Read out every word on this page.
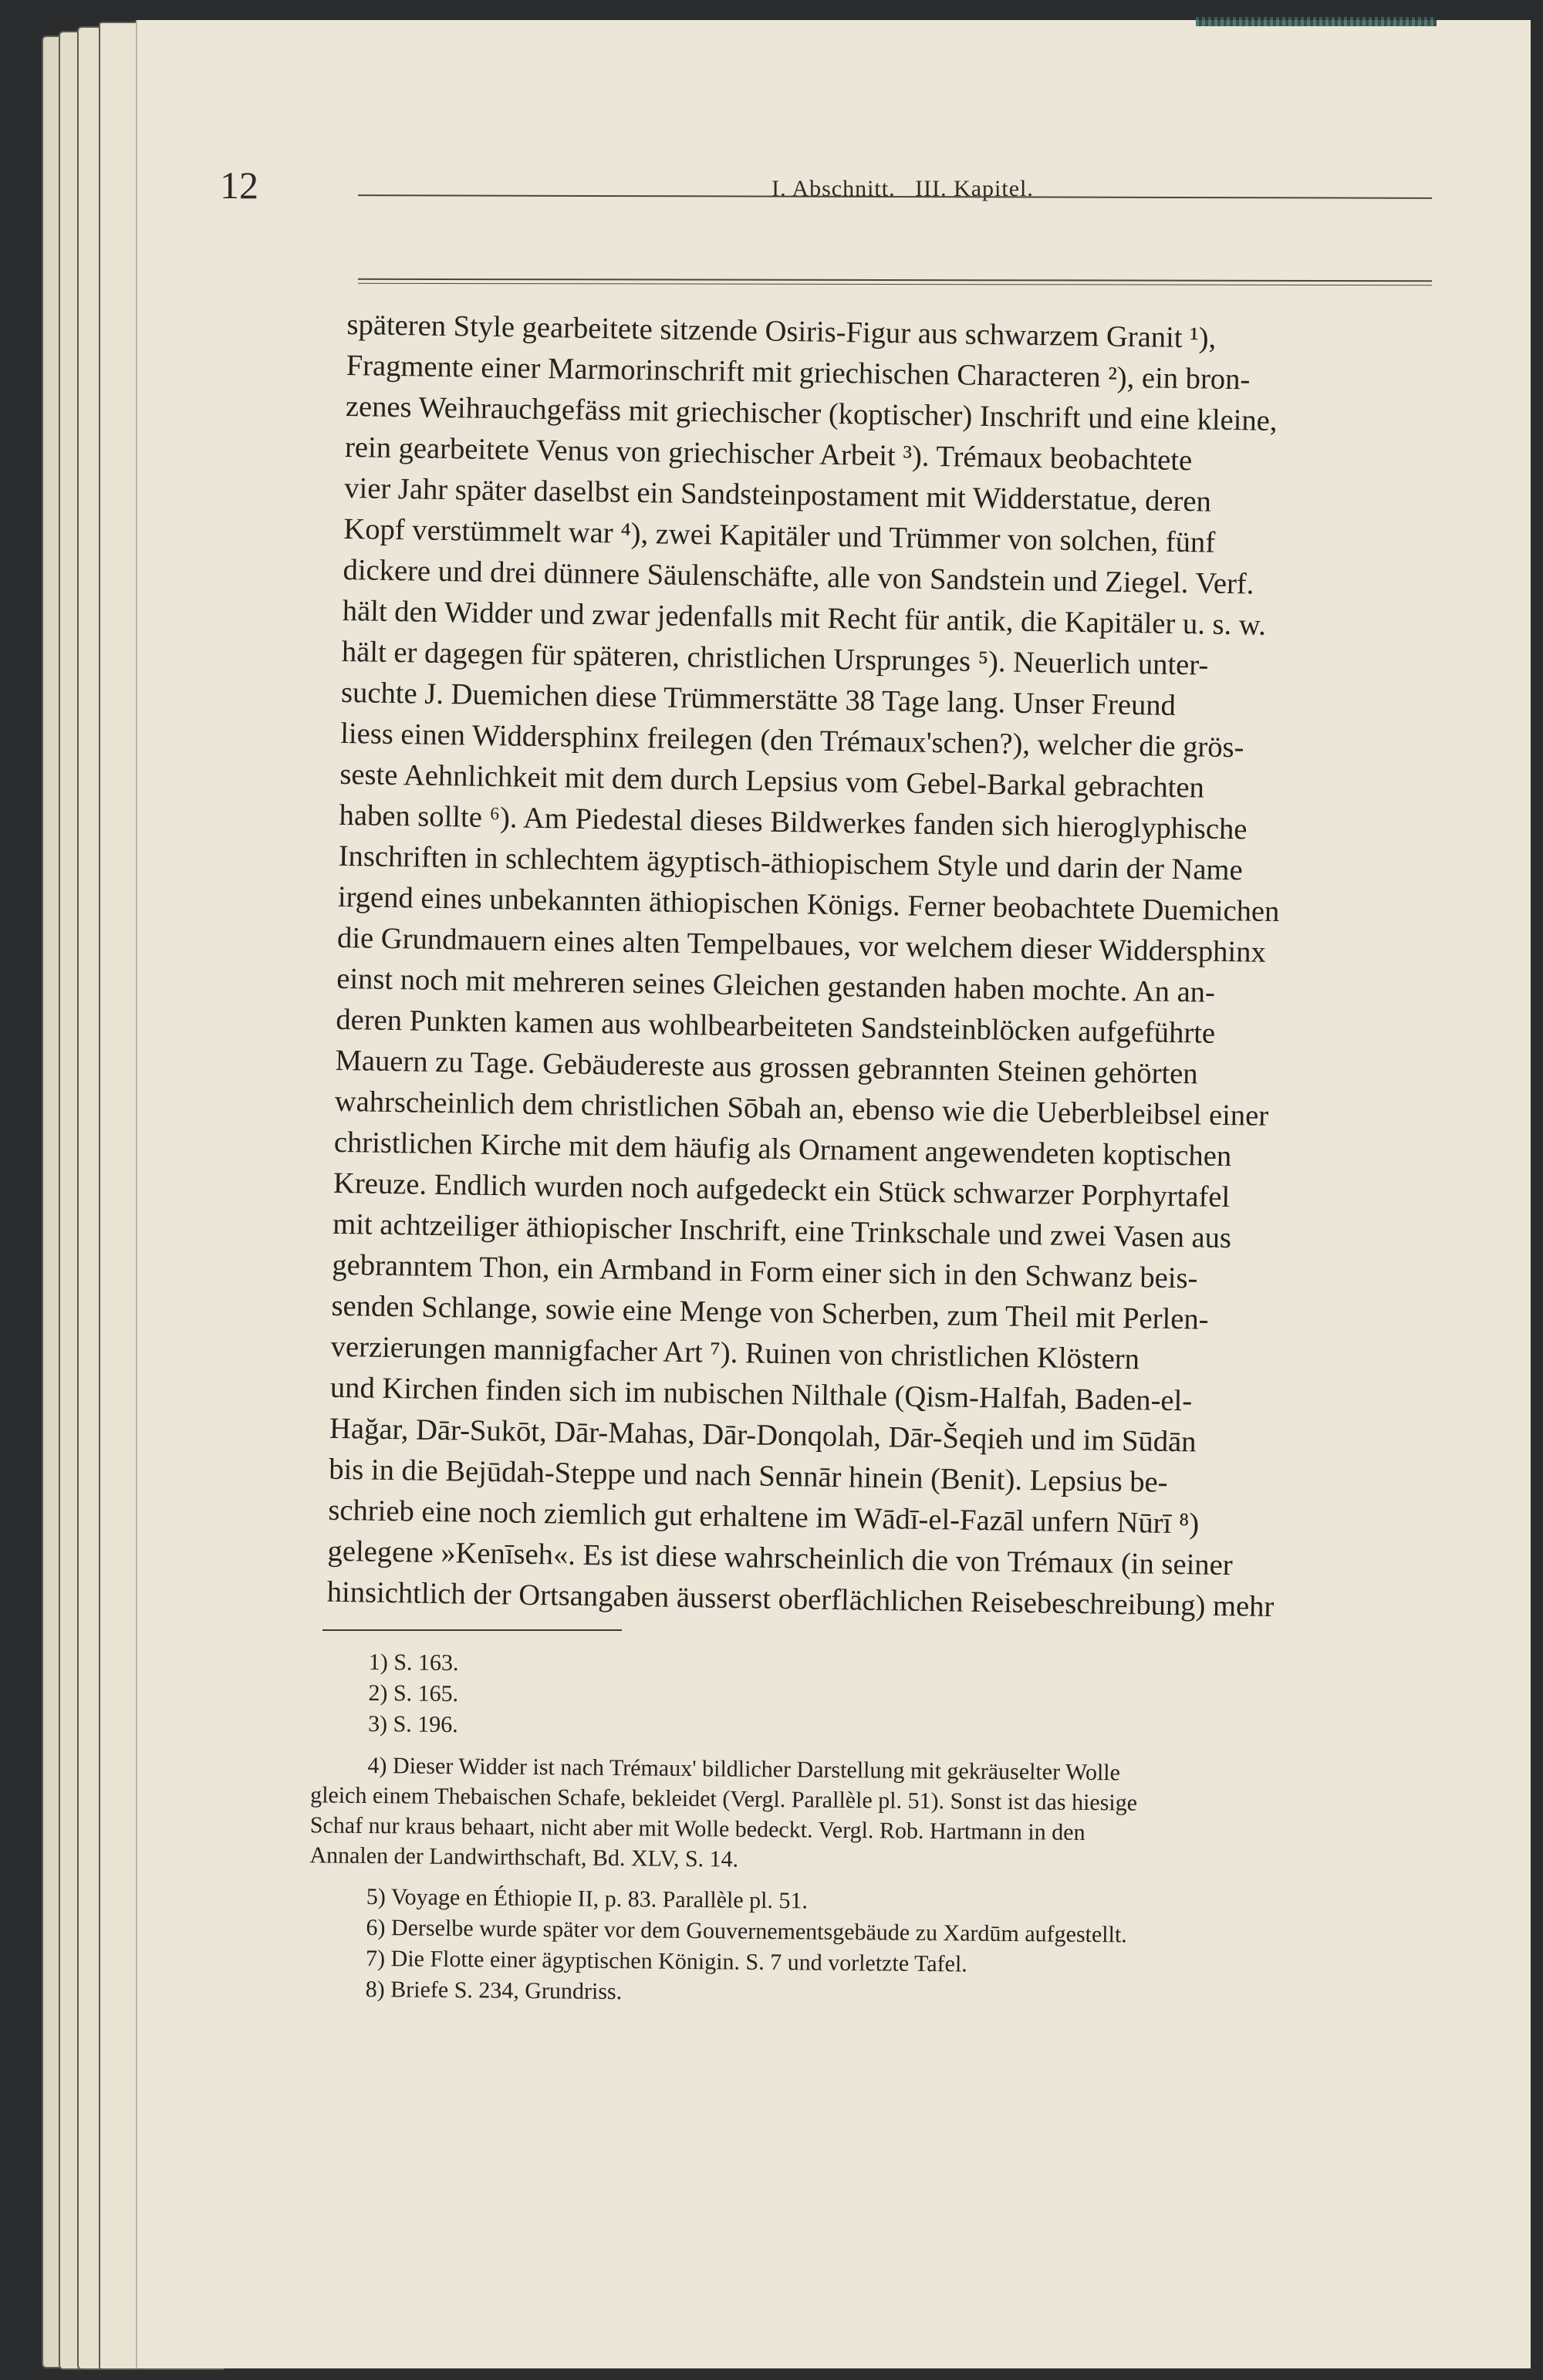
12	I. Abschnitt.   III. Kapitel.
späteren Style gearbeitete sitzende Osiris-Figur aus schwarzem Granit ¹),
Fragmente einer Marmorinschrift mit griechischen Characteren ²), ein bron-
zenes Weihrauchgefäss mit griechischer (koptischer) Inschrift und eine kleine,
rein gearbeitete Venus von griechischer Arbeit ³). Trémaux beobachtete
vier Jahr später daselbst ein Sandsteinpostament mit Widderstatue, deren
Kopf verstümmelt war ⁴), zwei Kapitäler und Trümmer von solchen, fünf
dickere und drei dünnere Säulenschäfte, alle von Sandstein und Ziegel. Verf.
hält den Widder und zwar jedenfalls mit Recht für antik, die Kapitäler u. s. w.
hält er dagegen für späteren, christlichen Ursprunges ⁵). Neuerlich unter-
suchte J. Duemichen diese Trümmerstätte 38 Tage lang. Unser Freund
liess einen Widdersphinx freilegen (den Trémaux'schen?), welcher die grös-
seste Aehnlichkeit mit dem durch Lepsius vom Gebel-Barkal gebrachten
haben sollte ⁶). Am Piedestal dieses Bildwerkes fanden sich hieroglyphische
Inschriften in schlechtem ägyptisch-äthiopischem Style und darin der Name
irgend eines unbekannten äthiopischen Königs. Ferner beobachtete Duemichen
die Grundmauern eines alten Tempelbaues, vor welchem dieser Widdersphinx
einst noch mit mehreren seines Gleichen gestanden haben mochte. An an-
deren Punkten kamen aus wohlbearbeiteten Sandsteinblöcken aufgeführte
Mauern zu Tage. Gebäudereste aus grossen gebrannten Steinen gehörten
wahrscheinlich dem christlichen Sōbah an, ebenso wie die Ueberbleibsel einer
christlichen Kirche mit dem häufig als Ornament angewendeten koptischen
Kreuze. Endlich wurden noch aufgedeckt ein Stück schwarzer Porphyrtafel
mit achtzeiliger äthiopischer Inschrift, eine Trinkschale und zwei Vasen aus
gebranntem Thon, ein Armband in Form einer sich in den Schwanz beis-
senden Schlange, sowie eine Menge von Scherben, zum Theil mit Perlen-
verzierungen mannigfacher Art ⁷). Ruinen von christlichen Klöstern
und Kirchen finden sich im nubischen Nilthale (Qism-Halfah, Baden-el-
Hağar, Dār-Sukōt, Dār-Mahas, Dār-Donqolah, Dār-Šeqieh und im Sūdān
bis in die Bejūdah-Steppe und nach Sennār hinein (Benit). Lepsius be-
schrieb eine noch ziemlich gut erhaltene im Wādī-el-Fazāl unfern Nūrī ⁸)
gelegene »Kenīseh«. Es ist diese wahrscheinlich die von Trémaux (in seiner
hinsichtlich der Ortsangaben äusserst oberflächlichen Reisebeschreibung) mehr
1) S. 163.
2) S. 165.
3) S. 196.
4) Dieser Widder ist nach Trémaux' bildlicher Darstellung mit gekräuselter Wolle
gleich einem Thebaischen Schafe, bekleidet (Vergl. Parallèle pl. 51). Sonst ist das hiesige
Schaf nur kraus behaart, nicht aber mit Wolle bedeckt. Vergl. Rob. Hartmann in den
Annalen der Landwirthschaft, Bd. XLV, S. 14.
5) Voyage en Éthiopie II, p. 83. Parallèle pl. 51.
6) Derselbe wurde später vor dem Gouvernementsgebäude zu Xardūm aufgestellt.
7) Die Flotte einer ägyptischen Königin. S. 7 und vorletzte Tafel.
8) Briefe S. 234, Grundriss.
